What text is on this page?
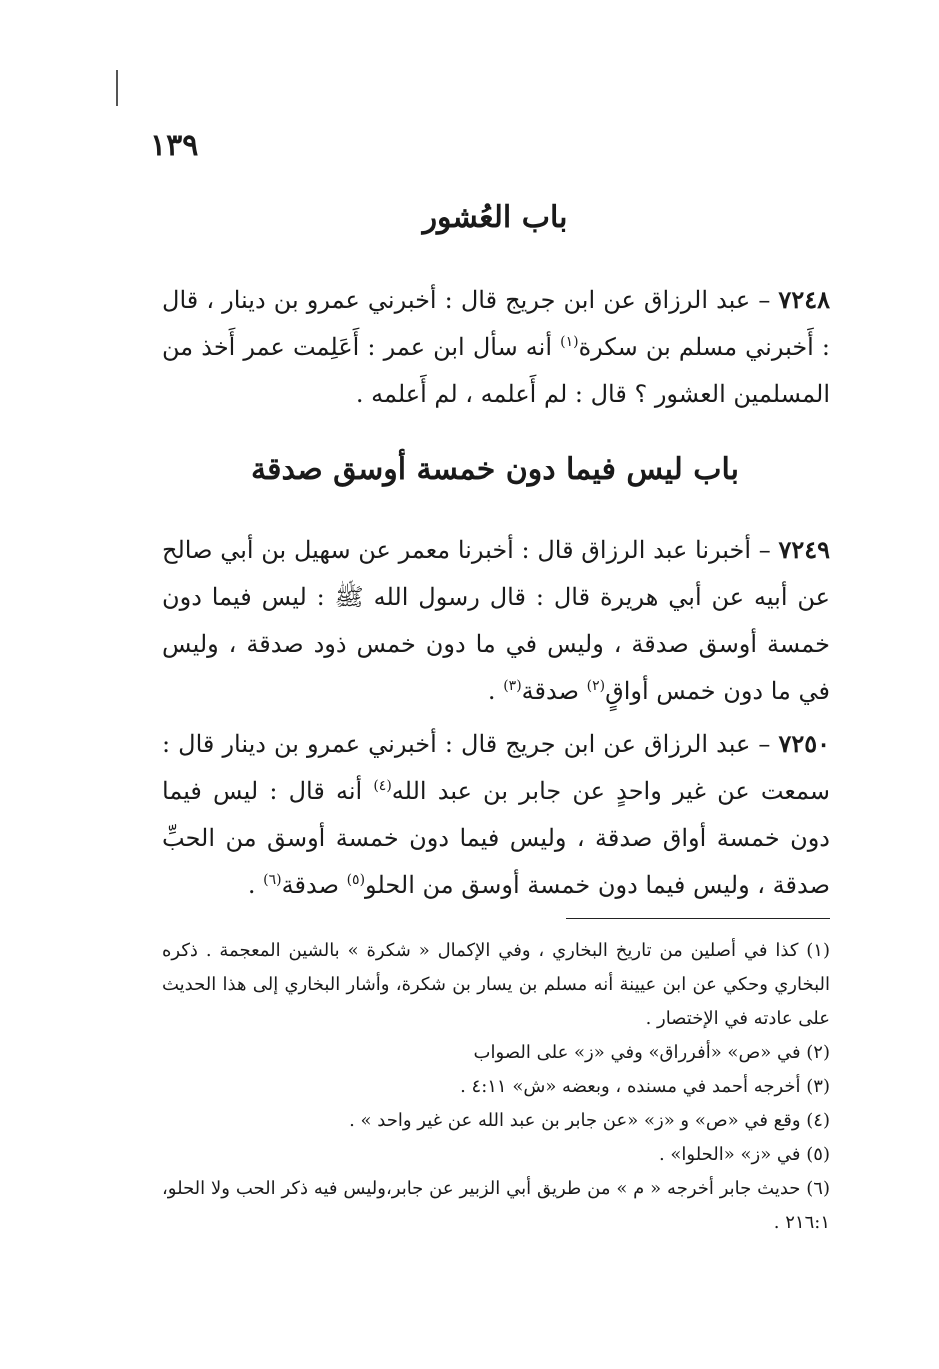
١٣٩
باب العُشور
٧٢٤٨ – عبد الرزاق عن ابن جريج قال : أخبرني عمرو بن دينار ، قال : أَخبرني مسلم بن سكرة$^{(١)}$ أنه سأل ابن عمر : أَعَلِمت عمر أَخذ من المسلمين العشور ؟ قال : لم أَعلمه ، لم أَعلمه .
باب ليس فيما دون خمسة أوسق صدقة
٧٢٤٩ – أخبرنا عبد الرزاق قال : أخبرنا معمر عن سهيل بن أبي صالح عن أبيه عن أبي هريرة قال : قال رسول الله ﷺ : ليس فيما دون خمسة أوسق صدقة ، وليس في ما دون خمس ذود صدقة ، وليس في ما دون خمس أواقٍ$^{(٢)}$ صدقة$^{(٣)}$ .
٧٢٥٠ – عبد الرزاق عن ابن جريج قال : أخبرني عمرو بن دينار قال : سمعت عن غير واحدٍ عن جابر بن عبد الله$^{(٤)}$ أنه قال : ليس فيما دون خمسة أواق صدقة ، وليس فيما دون خمسة أوسق من الحبِّ صدقة ، وليس فيما دون خمسة أوسق من الحلو$^{(٥)}$ صدقة$^{(٦)}$ .

(١) كذا في أصلين من تاريخ البخاري ، وفي الإكمال « شكرة » بالشين المعجمة . ذكره البخاري وحكي عن ابن عيينة أنه مسلم بن يسار بن شكرة، وأشار البخاري إلى هذا الحديث على عادته في الإختصار .

(٢) في «ص» «أفرراق» وفي «ز» على الصواب

(٣) أخرجه أحمد في مسنده ، وبعضه «ش» ٤:١١ .

(٤) وقع في «ص» و «ز» «عن جابر بن عبد الله عن غير واحد » .

(٥) في «ز» «الحلوا» .

(٦) حديث جابر أخرجه « م » من طريق أبي الزبير عن جابر،وليس فيه ذكر الحب ولا الحلو، ٢١٦:١ .
